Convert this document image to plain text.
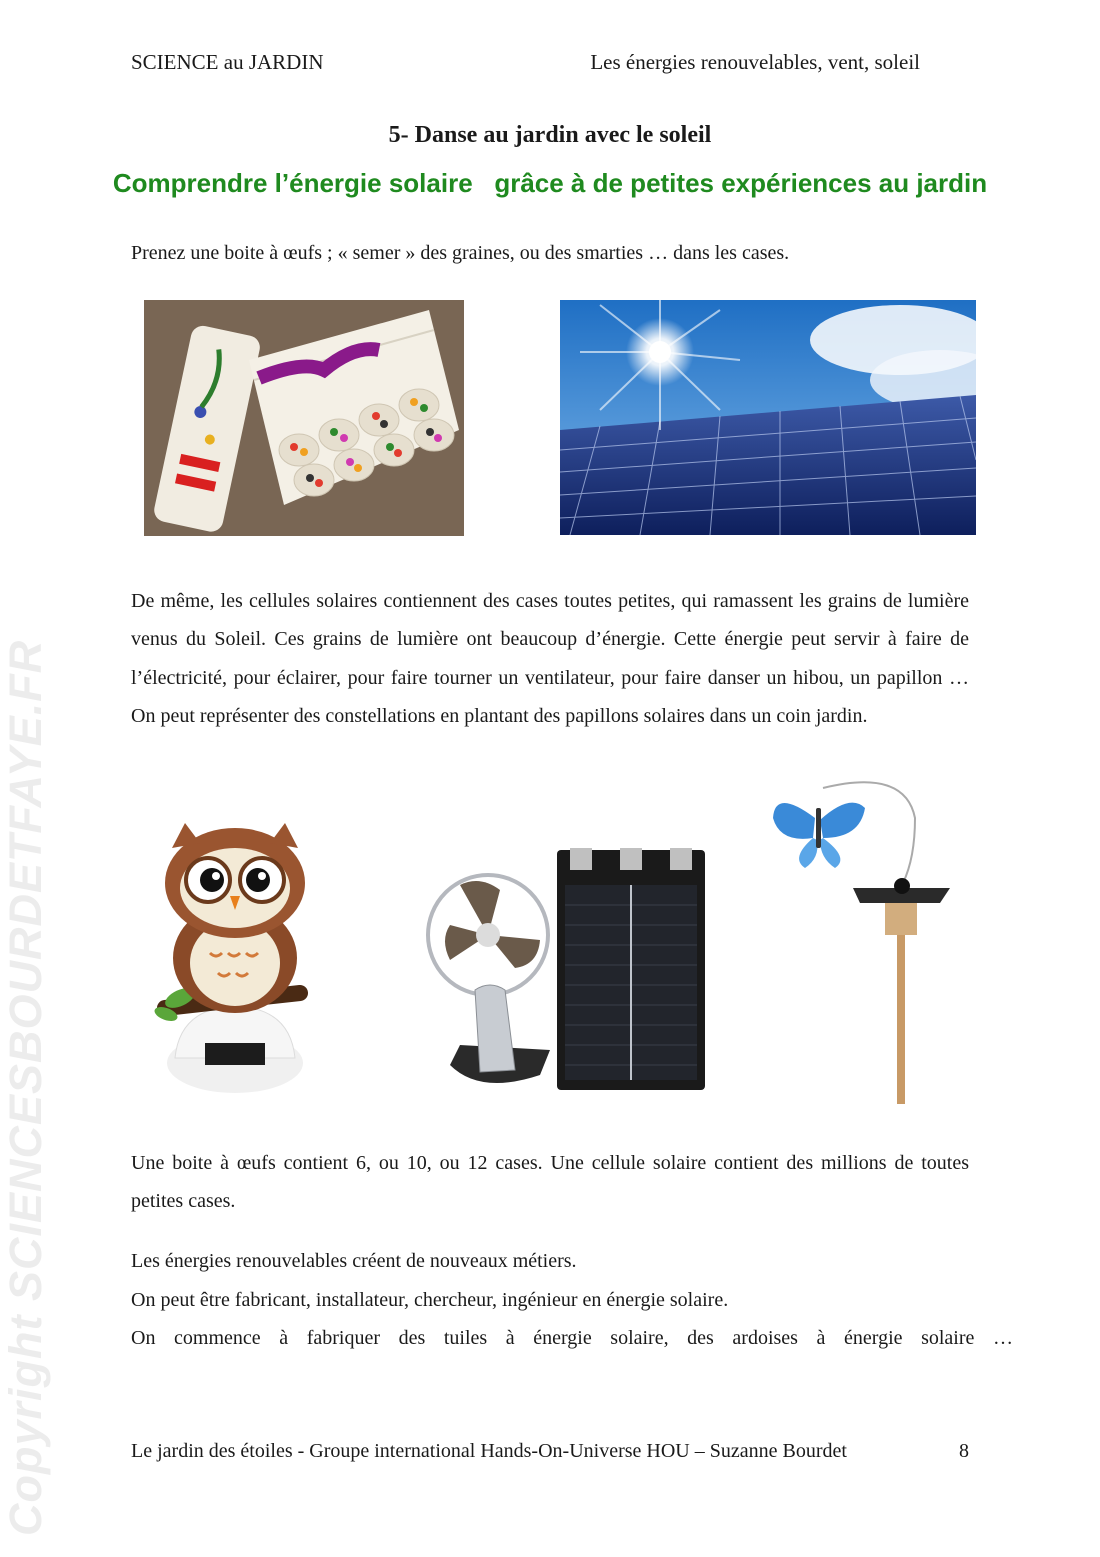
Copyright SCIENCESBOURDETFAYE.FR
SCIENCE au JARDIN	Les énergies renouvelables, vent, soleil
5- Danse au jardin avec le soleil
Comprendre l’énergie solaire   grâce à de petites expériences au jardin
Prenez une boite à œufs ; « semer » des graines, ou des smarties … dans les cases.
De même, les cellules solaires contiennent des cases toutes petites, qui ramassent les grains de lumière venus du Soleil. Ces grains de lumière ont beaucoup d’énergie. Cette énergie peut servir à faire de l’électricité, pour éclairer, pour faire tourner un ventilateur, pour faire danser un hibou, un papillon … On peut représenter des constellations en plantant des papillons solaires dans un coin jardin.
Une boite à œufs contient 6, ou 10, ou 12 cases. Une cellule solaire contient des millions de toutes petites cases.
Les énergies renouvelables créent de nouveaux métiers.
On peut être fabricant, installateur, chercheur, ingénieur en énergie solaire.
On commence à fabriquer des tuiles à énergie solaire, des ardoises à énergie solaire …
Le jardin des étoiles - Groupe international Hands-On-Universe HOU – Suzanne Bourdet	8
